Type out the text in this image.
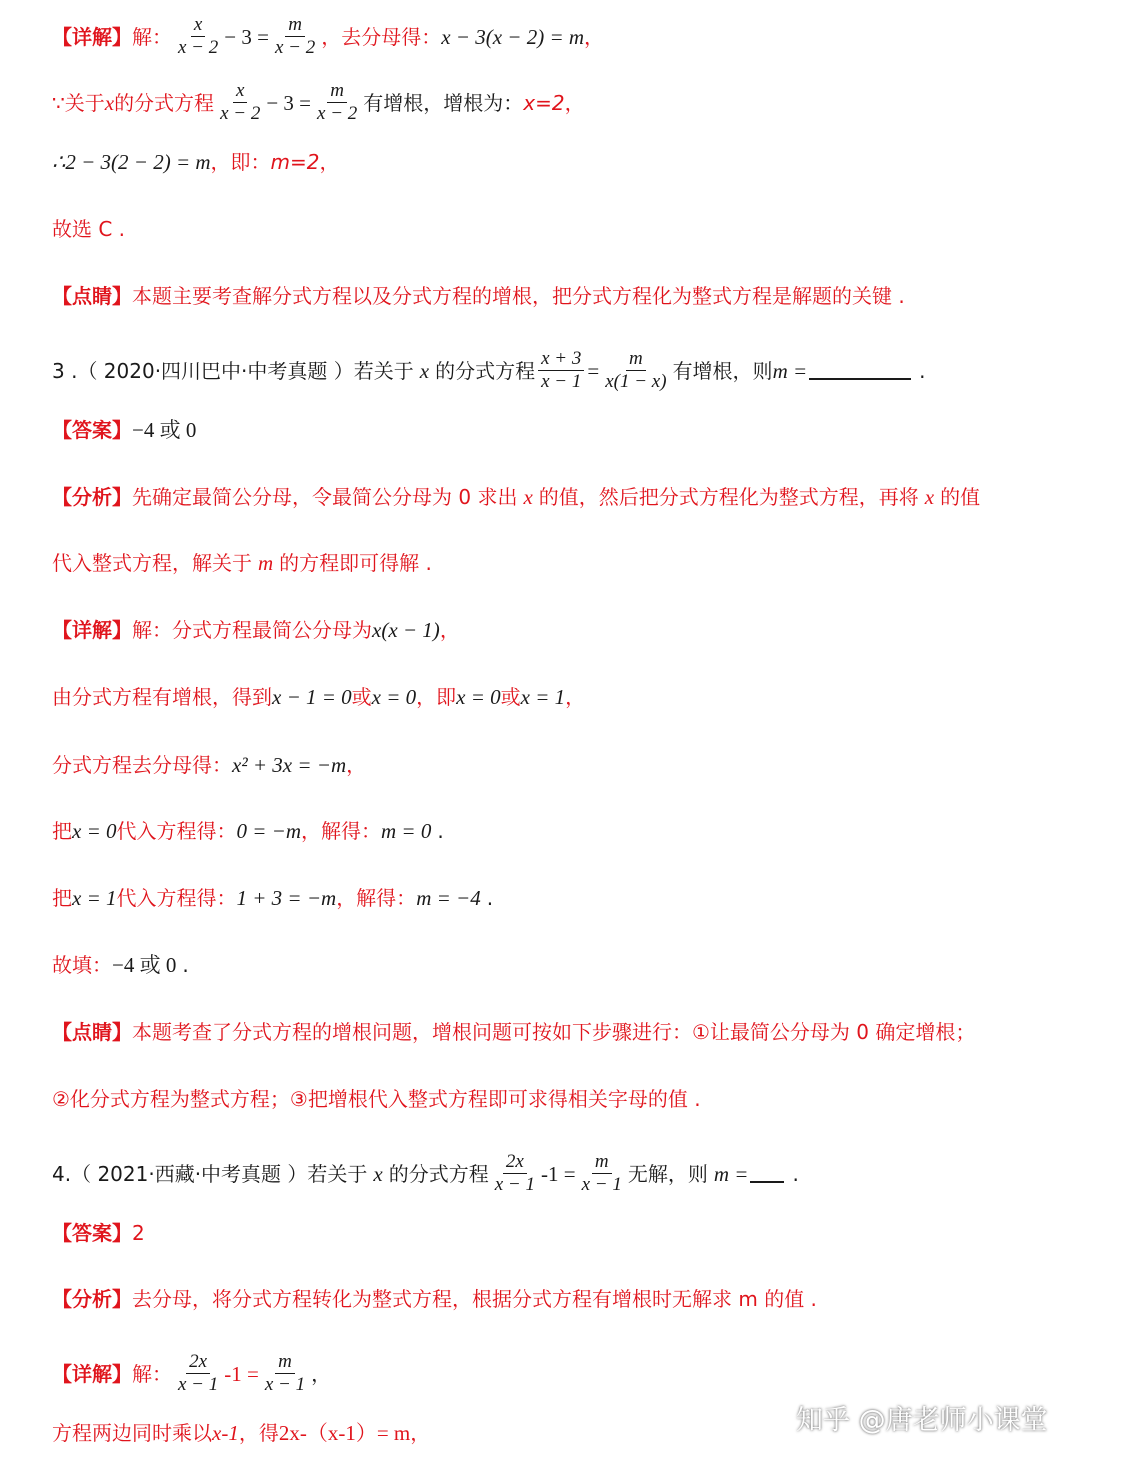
【详解】 解： $\frac{x}{x - 2} - 3 = \frac{m}{x - 2}$ ，去分母得： x − 3(x − 2) = m ，
∵关于 x 的分式方程 $\frac{x}{x - 2} - 3 = \frac{m}{x - 2}$ 有增根，增根为： x=2 ，
∴2 − 3(2 − 2) = m ，即： m=2 ，
故选 C .
【点睛】 本题主要考查解分式方程以及分式方程的增根，把分式方程化为整式方程是解题的关键 .
3 .（ 2020·四川巴中·中考真题 ）若关于 x 的分式方程 $\frac{x + 3}{x - 1} = \frac{m}{x(1 - x)}$ 有增根，则 m =	.
【答案】 −4 或 0
【分析】 先确定最简公分母，令最简公分母为 0 求出 x 的值，然后把分式方程化为整式方程，再将 x 的值
代入整式方程，解关于 m 的方程即可得解 .
【详解】 解：分式方程最简公分母为 x(x − 1) ，
由分式方程有增根，得到 x − 1 = 0 或 x = 0 ，即 x = 0 或 x = 1 ，
分式方程去分母得： x² + 3x = −m ，
把 x = 0 代入方程得： 0 = −m ，解得： m = 0 .
把 x = 1 代入方程得： 1 + 3 = −m ，解得： m = −4 .
故填： −4 或 0 .
【点睛】 本题考查了分式方程的增根问题，增根问题可按如下步骤进行：①让最简公分母为 0 确定增根；
②化分式方程为整式方程；③把增根代入整式方程即可求得相关字母的值 .
4.（ 2021·西藏·中考真题 ）若关于 x 的分式方程 $\frac{2x}{x - 1} -1 = \frac{m}{x - 1}$ 无解，则 m = .
【答案】 2
【分析】 去分母，将分式方程转化为整式方程，根据分式方程有增根时无解求 m 的值 .
【详解】 解： $\frac{2x}{x - 1} -1 = \frac{m}{x - 1}$ ，
方程两边同时乘以 x-1 ，得 2x-（x-1）= m ，	知乎 @唐老师小课堂
